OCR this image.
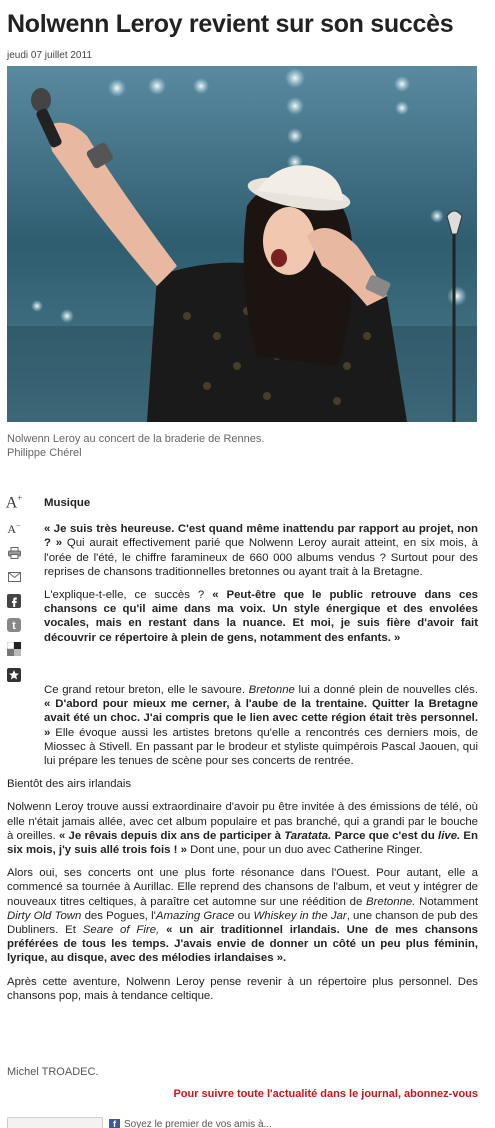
Nolwenn Leroy revient sur son succès
jeudi 07 juillet 2011
Nolwenn Leroy au concert de la braderie de Rennes.
Philippe Chérel
A+
A−
t

Musique

« Je suis très heureuse. C'est quand même inattendu par rapport au projet, non ? » Qui aurait effectivement parié que Nolwenn Leroy aurait atteint, en six mois, à l'orée de l'été, le chiffre faramineux de 660 000 albums vendus ? Surtout pour des reprises de chansons traditionnelles bretonnes ou ayant trait à la Bretagne.

L'explique-t-elle, ce succès ? « Peut-être que le public retrouve dans ces chansons ce qu'il aime dans ma voix. Un style énergique et des envolées vocales, mais en restant dans la nuance. Et moi, je suis fière d'avoir fait découvrir ce répertoire à plein de gens, notamment des enfants. »

Ce grand retour breton, elle le savoure. Bretonne lui a donné plein de nouvelles clés. « D'abord pour mieux me cerner, à l'aube de la trentaine. Quitter la Bretagne avait été un choc. J'ai compris que le lien avec cette région était très personnel. » Elle évoque aussi les artistes bretons qu'elle a rencontrés ces derniers mois, de Miossec à Stivell. En passant par le brodeur et styliste quimpérois Pascal Jaouen, qui lui prépare les tenues de scène pour ses concerts de rentrée.

Bientôt des airs irlandais

Nolwenn Leroy trouve aussi extraordinaire d'avoir pu être invitée à des émissions de télé, où elle n'était jamais allée, avec cet album populaire et pas branché, qui a grandi par le bouche à oreilles. « Je rêvais depuis dix ans de participer à Taratata. Parce que c'est du live. En six mois, j'y suis allé trois fois ! » Dont une, pour un duo avec Catherine Ringer.

Alors oui, ses concerts ont une plus forte résonance dans l'Ouest. Pour autant, elle a commencé sa tournée à Aurillac. Elle reprend des chansons de l'album, et veut y intégrer de nouveaux titres celtiques, à paraître cet automne sur une réédition de Bretonne. Notamment Dirty Old Town des Pogues, l'Amazing Grace ou Whiskey in the Jar, une chanson de pub des Dubliners. Et Seare of Fire, « un air traditionnel irlandais. Une de mes chansons préférées de tous les temps. J'avais envie de donner un côté un peu plus féminin, lyrique, au disque, avec des mélodies irlandaises ».

Après cette aventure, Nolwenn Leroy pense revenir à un répertoire plus personnel. Des chansons pop, mais à tendance celtique.

Michel TROADEC.
Pour suivre toute l'actualité dans le journal, abonnez-vous
f Soyez le premier de vos amis à...
